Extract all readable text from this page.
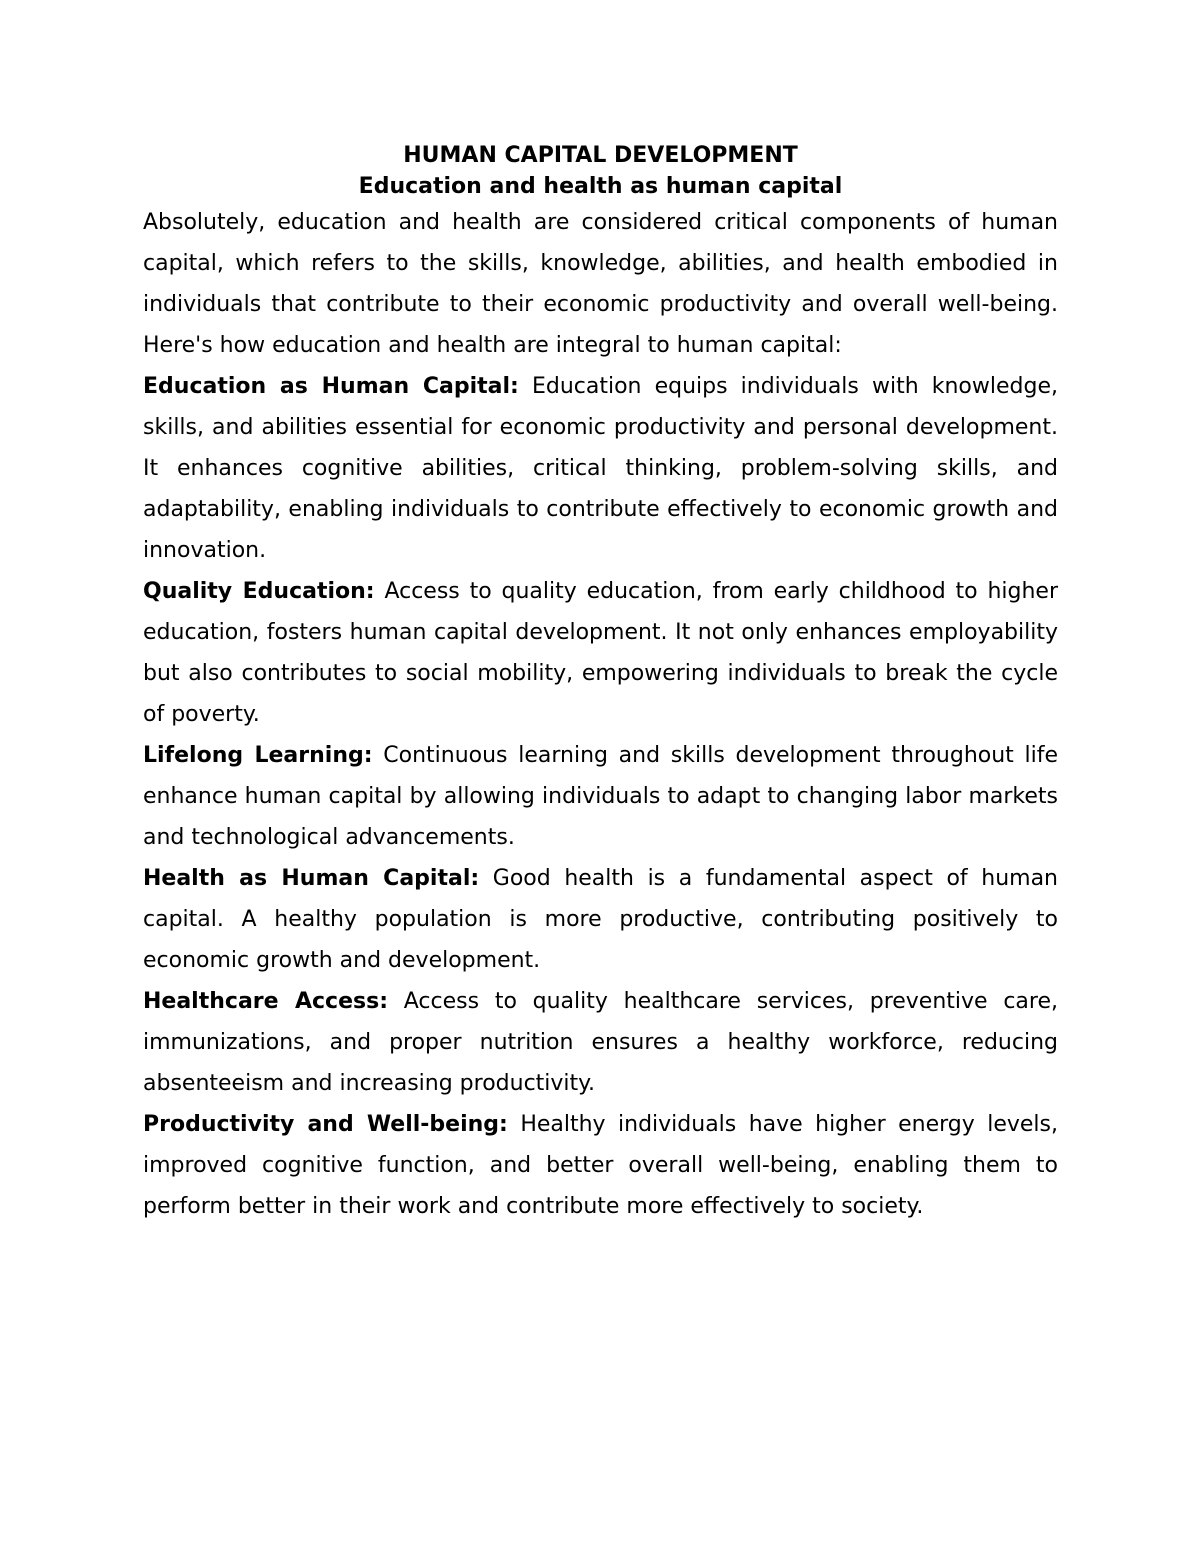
HUMAN CAPITAL DEVELOPMENT
Education and health as human capital

Absolutely, education and health are considered critical components of human capital, which refers to the skills, knowledge, abilities, and health embodied in individuals that contribute to their economic productivity and overall well-being. Here's how education and health are integral to human capital:

Education as Human Capital: Education equips individuals with knowledge, skills, and abilities essential for economic productivity and personal development. It enhances cognitive abilities, critical thinking, problem-solving skills, and adaptability, enabling individuals to contribute effectively to economic growth and innovation.

Quality Education: Access to quality education, from early childhood to higher education, fosters human capital development. It not only enhances employability but also contributes to social mobility, empowering individuals to break the cycle of poverty.

Lifelong Learning: Continuous learning and skills development throughout life enhance human capital by allowing individuals to adapt to changing labor markets and technological advancements.

Health as Human Capital: Good health is a fundamental aspect of human capital. A healthy population is more productive, contributing positively to economic growth and development.

Healthcare Access: Access to quality healthcare services, preventive care, immunizations, and proper nutrition ensures a healthy workforce, reducing absenteeism and increasing productivity.

Productivity and Well-being: Healthy individuals have higher energy levels, improved cognitive function, and better overall well-being, enabling them to perform better in their work and contribute more effectively to society.
